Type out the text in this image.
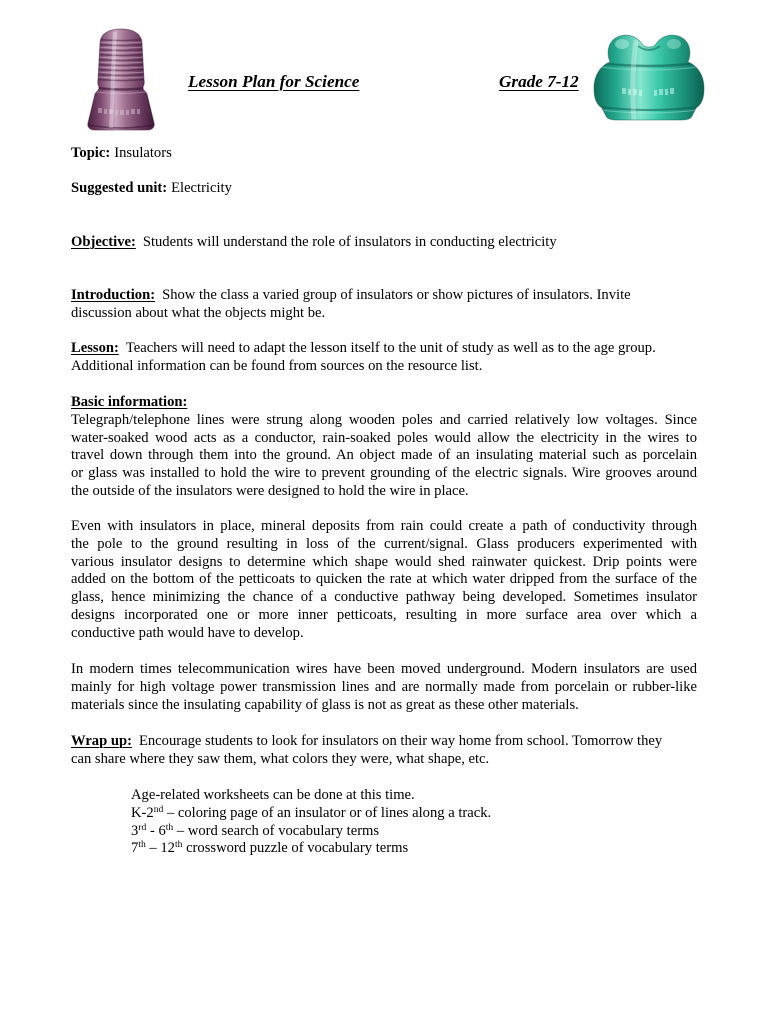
Lesson Plan for Science	Grade 7-12
Topic: Insulators
Suggested unit: Electricity
Objective: Students will understand the role of insulators in conducting electricity
Introduction: Show the class a varied group of insulators or show pictures of insulators. Invite
discussion about what the objects might be.
Lesson: Teachers will need to adapt the lesson itself to the unit of study as well as to the age group.
Additional information can be found from sources on the resource list.
Basic information:
Telegraph/telephone lines were strung along wooden poles and carried relatively low voltages. Since
water-soaked wood acts as a conductor, rain-soaked poles would allow the electricity in the wires to
travel down through them into the ground. An object made of an insulating material such as porcelain
or glass was installed to hold the wire to prevent grounding of the electric signals. Wire grooves around
the outside of the insulators were designed to hold the wire in place.
Even with insulators in place, mineral deposits from rain could create a path of conductivity through
the pole to the ground resulting in loss of the current/signal. Glass producers experimented with
various insulator designs to determine which shape would shed rainwater quickest. Drip points were
added on the bottom of the petticoats to quicken the rate at which water dripped from the surface of the
glass, hence minimizing the chance of a conductive pathway being developed. Sometimes insulator
designs incorporated one or more inner petticoats, resulting in more surface area over which a
conductive path would have to develop.
In modern times telecommunication wires have been moved underground. Modern insulators are used
mainly for high voltage power transmission lines and are normally made from porcelain or rubber-like
materials since the insulating capability of glass is not as great as these other materials.
Wrap up: Encourage students to look for insulators on their way home from school. Tomorrow they
can share where they saw them, what colors they were, what shape, etc.
Age-related worksheets can be done at this time.
K-2nd – coloring page of an insulator or of lines along a track.
3rd - 6th – word search of vocabulary terms
7th – 12th crossword puzzle of vocabulary terms
